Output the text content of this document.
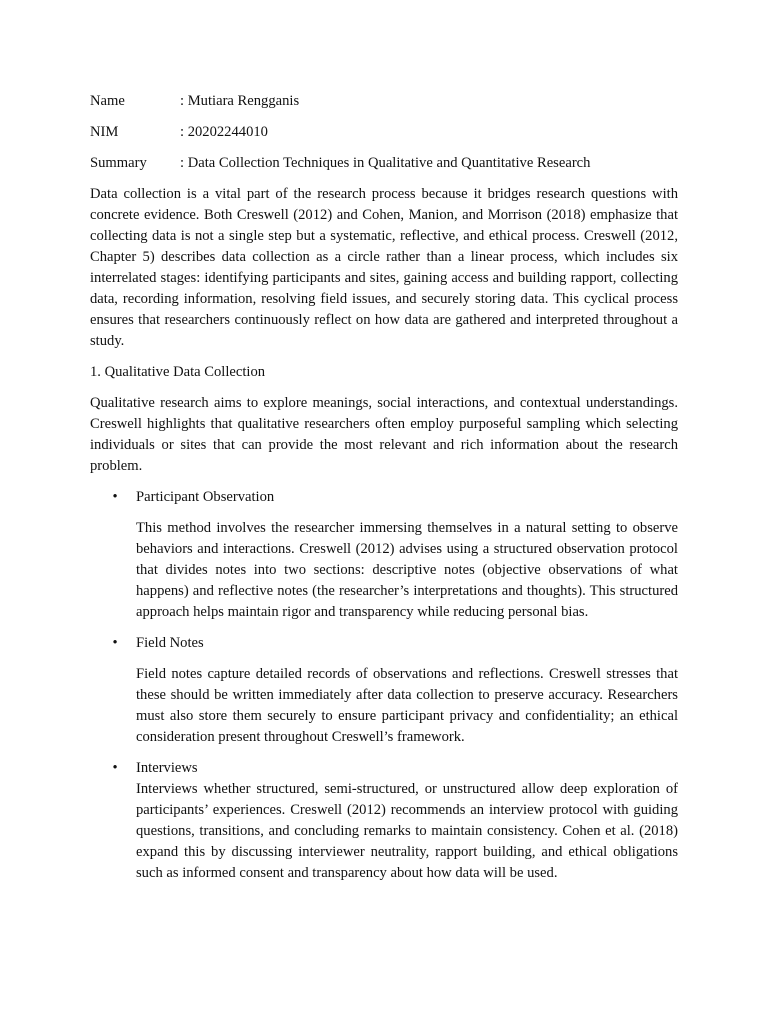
Name	: Mutiara Rengganis
NIM	: 20202244010
Summary	: Data Collection Techniques in Qualitative and Quantitative Research

Data collection is a vital part of the research process because it bridges research questions with concrete evidence. Both Creswell (2012) and Cohen, Manion, and Morrison (2018) emphasize that collecting data is not a single step but a systematic, reflective, and ethical process. Creswell (2012, Chapter 5) describes data collection as a circle rather than a linear process, which includes six interrelated stages: identifying participants and sites, gaining access and building rapport, collecting data, recording information, resolving field issues, and securely storing data. This cyclical process ensures that researchers continuously reflect on how data are gathered and interpreted throughout a study.

1. Qualitative Data Collection

Qualitative research aims to explore meanings, social interactions, and contextual understandings. Creswell highlights that qualitative researchers often employ purposeful sampling which selecting individuals or sites that can provide the most relevant and rich information about the research problem.

• Participant Observation

This method involves the researcher immersing themselves in a natural setting to observe behaviors and interactions. Creswell (2012) advises using a structured observation protocol that divides notes into two sections: descriptive notes (objective observations of what happens) and reflective notes (the researcher’s interpretations and thoughts). This structured approach helps maintain rigor and transparency while reducing personal bias.

• Field Notes

Field notes capture detailed records of observations and reflections. Creswell stresses that these should be written immediately after data collection to preserve accuracy. Researchers must also store them securely to ensure participant privacy and confidentiality; an ethical consideration present throughout Creswell’s framework.

• Interviews

Interviews whether structured, semi-structured, or unstructured allow deep exploration of participants’ experiences. Creswell (2012) recommends an interview protocol with guiding questions, transitions, and concluding remarks to maintain consistency. Cohen et al. (2018) expand this by discussing interviewer neutrality, rapport building, and ethical obligations such as informed consent and transparency about how data will be used.
